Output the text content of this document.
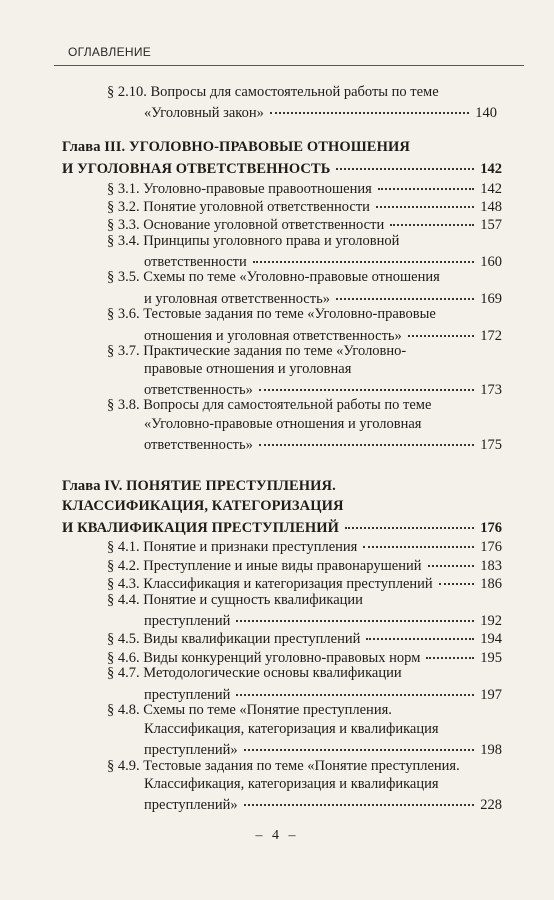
ОГЛАВЛЕНИЕ
§ 2.10. Вопросы для самостоятельной работы по теме
«Уголовный закон»	140
Глава III. УГОЛОВНО-ПРАВОВЫЕ ОТНОШЕНИЯ
И УГОЛОВНАЯ ОТВЕТСТВЕННОСТЬ	142
§ 3.1. Уголовно-правовые правоотношения	142
§ 3.2. Понятие уголовной ответственности	148
§ 3.3. Основание уголовной ответственности	157
§ 3.4. Принципы уголовного права и уголовной
ответственности	160
§ 3.5. Схемы по теме «Уголовно-правовые отношения
и уголовная ответственность»	169
§ 3.6. Тестовые задания по теме «Уголовно-правовые
отношения и уголовная ответственность»	172
§ 3.7. Практические задания по теме «Уголовно-
правовые отношения и уголовная
ответственность»	173
§ 3.8. Вопросы для самостоятельной работы по теме
«Уголовно-правовые отношения и уголовная
ответственность»	175
Глава IV. ПОНЯТИЕ ПРЕСТУПЛЕНИЯ.
КЛАССИФИКАЦИЯ, КАТЕГОРИЗАЦИЯ
И КВАЛИФИКАЦИЯ ПРЕСТУПЛЕНИЙ	176
§ 4.1. Понятие и признаки преступления	176
§ 4.2. Преступление и иные виды правонарушений	183
§ 4.3. Классификация и категоризация преступлений	186
§ 4.4. Понятие и сущность квалификации
преступлений	192
§ 4.5. Виды квалификации преступлений	194
§ 4.6. Виды конкуренций уголовно-правовых норм	195
§ 4.7. Методологические основы квалификации
преступлений	197
§ 4.8. Схемы по теме «Понятие преступления.
Классификация, категоризация и квалификация
преступлений»	198
§ 4.9. Тестовые задания по теме «Понятие преступления.
Классификация, категоризация и квалификация
преступлений»	228
– 4 –
